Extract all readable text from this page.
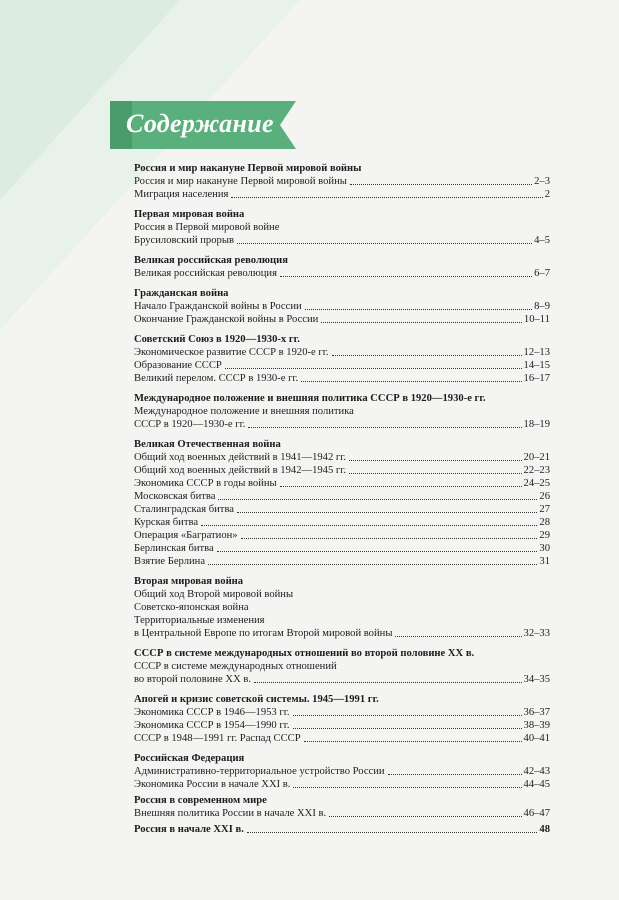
Содержание
Россия и мир накануне Первой мировой войны
Россия и мир накануне Первой мировой войны	2–3
Миграция населения	2
Первая мировая война
Россия в Первой мировой войне
Брусиловский прорыв	4–5
Великая российская революция
Великая российская революция	6–7
Гражданская война
Начало Гражданской войны в России	8–9
Окончание Гражданской войны в России	10–11
Советский Союз в 1920—1930-х гг.
Экономическое развитие СССР в 1920-е гг.	12–13
Образование СССР	14–15
Великий перелом. СССР в 1930-е гг.	16–17
Международное положение и внешняя политика СССР в 1920—1930-е гг.
Международное положение и внешняя политика
СССР в 1920—1930-е гг.	18–19
Великая Отечественная война
Общий ход военных действий в 1941—1942 гг.	20–21
Общий ход военных действий в 1942—1945 гг.	22–23
Экономика СССР в годы войны	24–25
Московская битва	26
Сталинградская битва	27
Курская битва	28
Операция «Багратион»	29
Берлинская битва	30
Взятие Берлина	31
Вторая мировая война
Общий ход Второй мировой войны
Советско-японская война
Территориальные изменения
в Центральной Европе по итогам Второй мировой войны	32–33
СССР в системе международных отношений во второй половине XX в.
СССР в системе международных отношений
во второй половине XX в.	34–35
Апогей и кризис советской системы. 1945—1991 гг.
Экономика СССР в 1946—1953 гг.	36–37
Экономика СССР в 1954—1990 гг.	38–39
СССР в 1948—1991 гг. Распад СССР	40–41
Российская Федерация
Административно-территориальное устройство России	42–43
Экономика России в начале XXI в.	44–45
Россия в современном мире
Внешняя политика России в начале XXI в.	46–47
Россия в начале XXI в.	48
